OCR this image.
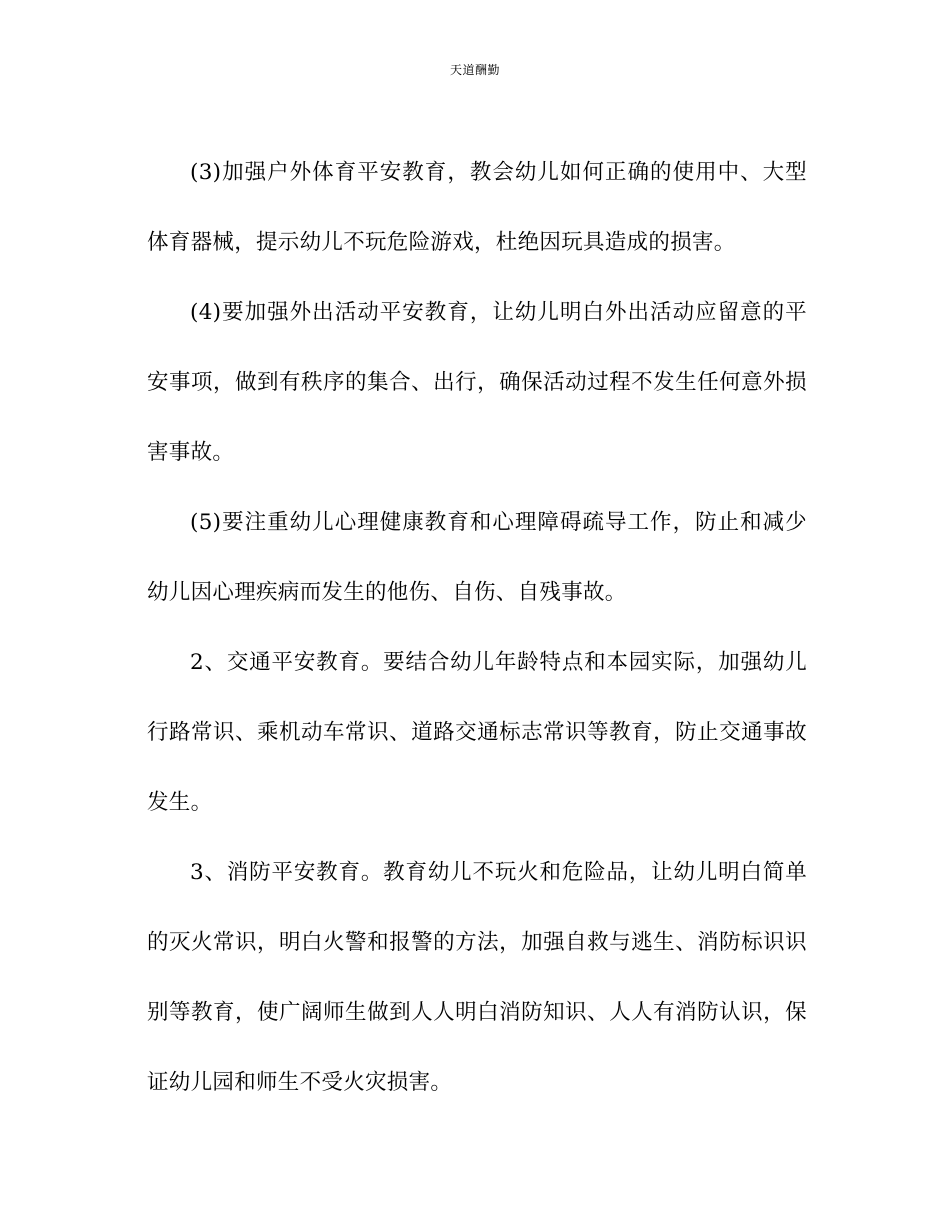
天道酬勤

(3)加强户外体育平安教育，教会幼儿如何正确的使用中、大型体育器械，提示幼儿不玩危险游戏，杜绝因玩具造成的损害。

(4)要加强外出活动平安教育，让幼儿明白外出活动应留意的平安事项，做到有秩序的集合、出行，确保活动过程不发生任何意外损害事故。

(5)要注重幼儿心理健康教育和心理障碍疏导工作，防止和减少幼儿因心理疾病而发生的他伤、自伤、自残事故。

2、交通平安教育。要结合幼儿年龄特点和本园实际，加强幼儿行路常识、乘机动车常识、道路交通标志常识等教育，防止交通事故发生。

3、消防平安教育。教育幼儿不玩火和危险品，让幼儿明白简单的灭火常识，明白火警和报警的方法，加强自救与逃生、消防标识识别等教育，使广阔师生做到人人明白消防知识、人人有消防认识，保证幼儿园和师生不受火灾损害。
